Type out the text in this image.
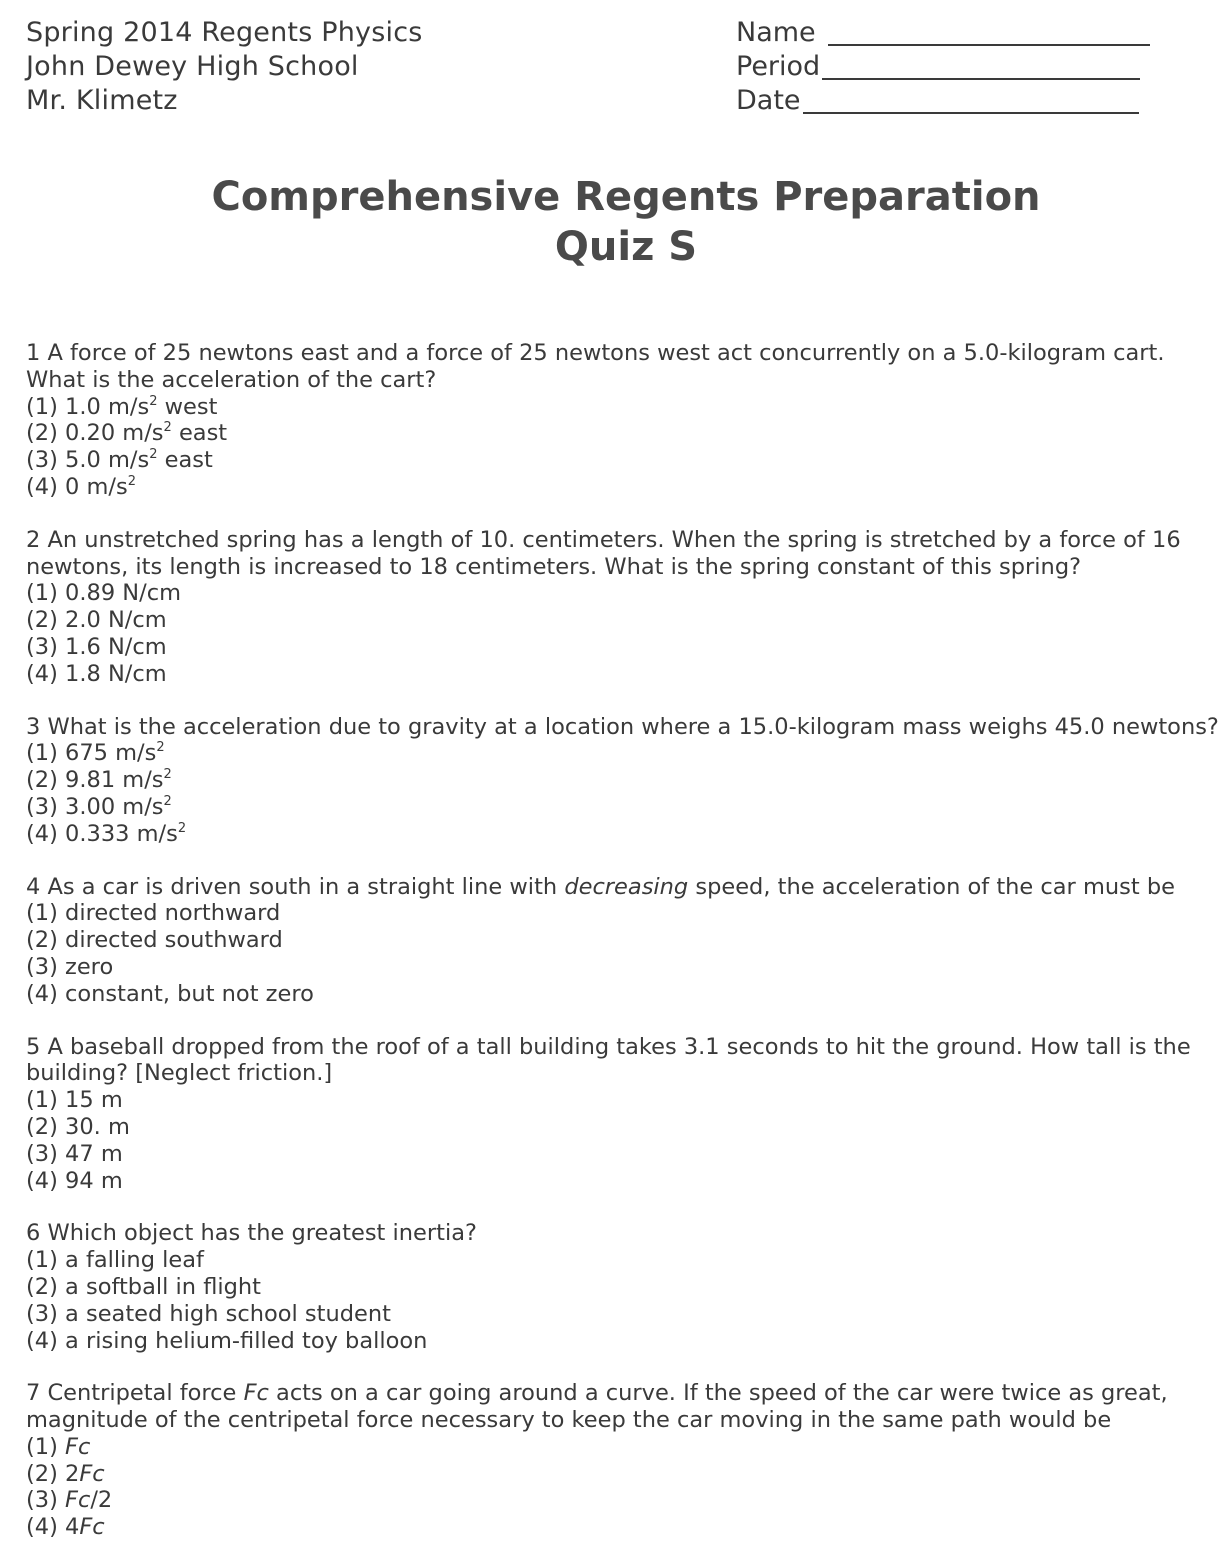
Spring 2014 Regents Physics
John Dewey High School
Mr. Klimetz
Name
Period
Date
Comprehensive Regents Preparation
Quiz S
1 A force of 25 newtons east and a force of 25 newtons west act concurrently on a 5.0-kilogram cart. What is the acceleration of the cart?
(1) 1.0 $m/s^2$ west
(2) 0.20 $m/s^2$ east
(3) 5.0 $m/s^2$ east
(4) 0 $m/s^2$
2 An unstretched spring has a length of 10. centimeters. When the spring is stretched by a force of 16 newtons, its length is increased to 18 centimeters. What is the spring constant of this spring?
(1) 0.89 N/cm
(2) 2.0 N/cm
(3) 1.6 N/cm
(4) 1.8 N/cm
3 What is the acceleration due to gravity at a location where a 15.0-kilogram mass weighs 45.0 newtons?
(1) 675 $m/s^2$
(2) 9.81 $m/s^2$
(3) 3.00 $m/s^2$
(4) 0.333 $m/s^2$
4 As a car is driven south in a straight line with decreasing speed, the acceleration of the car must be
(1) directed northward
(2) directed southward
(3) zero
(4) constant, but not zero
5 A baseball dropped from the roof of a tall building takes 3.1 seconds to hit the ground. How tall is the building? [Neglect friction.]
(1) 15 m
(2) 30. m
(3) 47 m
(4) 94 m
6 Which object has the greatest inertia?
(1) a falling leaf
(2) a softball in flight
(3) a seated high school student
(4) a rising helium-filled toy balloon
7 Centripetal force Fc acts on a car going around a curve. If the speed of the car were twice as great, magnitude of the centripetal force necessary to keep the car moving in the same path would be
(1) Fc
(2) 2Fc
(3) Fc/2
(4) 4Fc
